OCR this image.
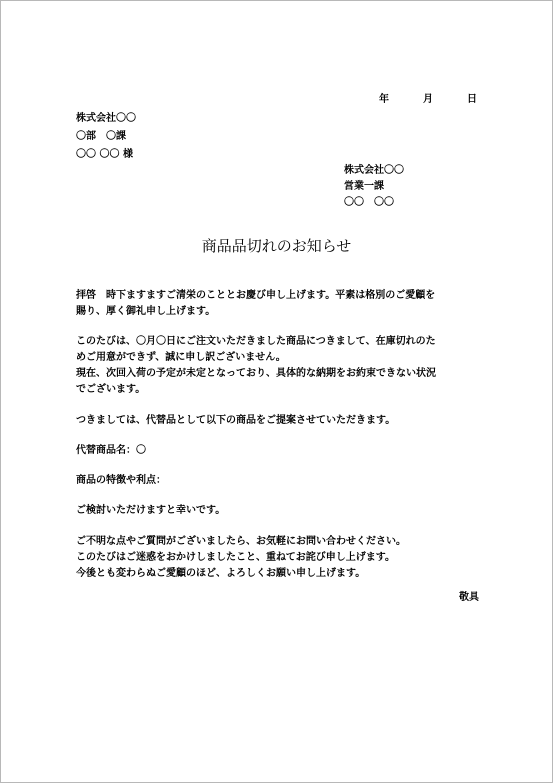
年	月	日
株式会社〇〇
〇部　〇課
〇〇 〇〇 様
株式会社〇〇
営業一課
〇〇　〇〇
商品品切れのお知らせ
拝啓　時下ますますご清栄のこととお慶び申し上げます。平素は格別のご愛顧を
賜り、厚く御礼申し上げます。
このたびは、〇月〇日にご注文いただきました商品につきまして、在庫切れのた
めご用意ができず、誠に申し訳ございません。
現在、次回入荷の予定が未定となっており、具体的な納期をお約束できない状況
でございます。
つきましては、代替品として以下の商品をご提案させていただきます。
代替商品名：〇
商品の特徴や利点：
ご検討いただけますと幸いです。
ご不明な点やご質問がございましたら、お気軽にお問い合わせください。
このたびはご迷惑をおかけしましたこと、重ねてお詫び申し上げます。
今後とも変わらぬご愛顧のほど、よろしくお願い申し上げます。
敬具
